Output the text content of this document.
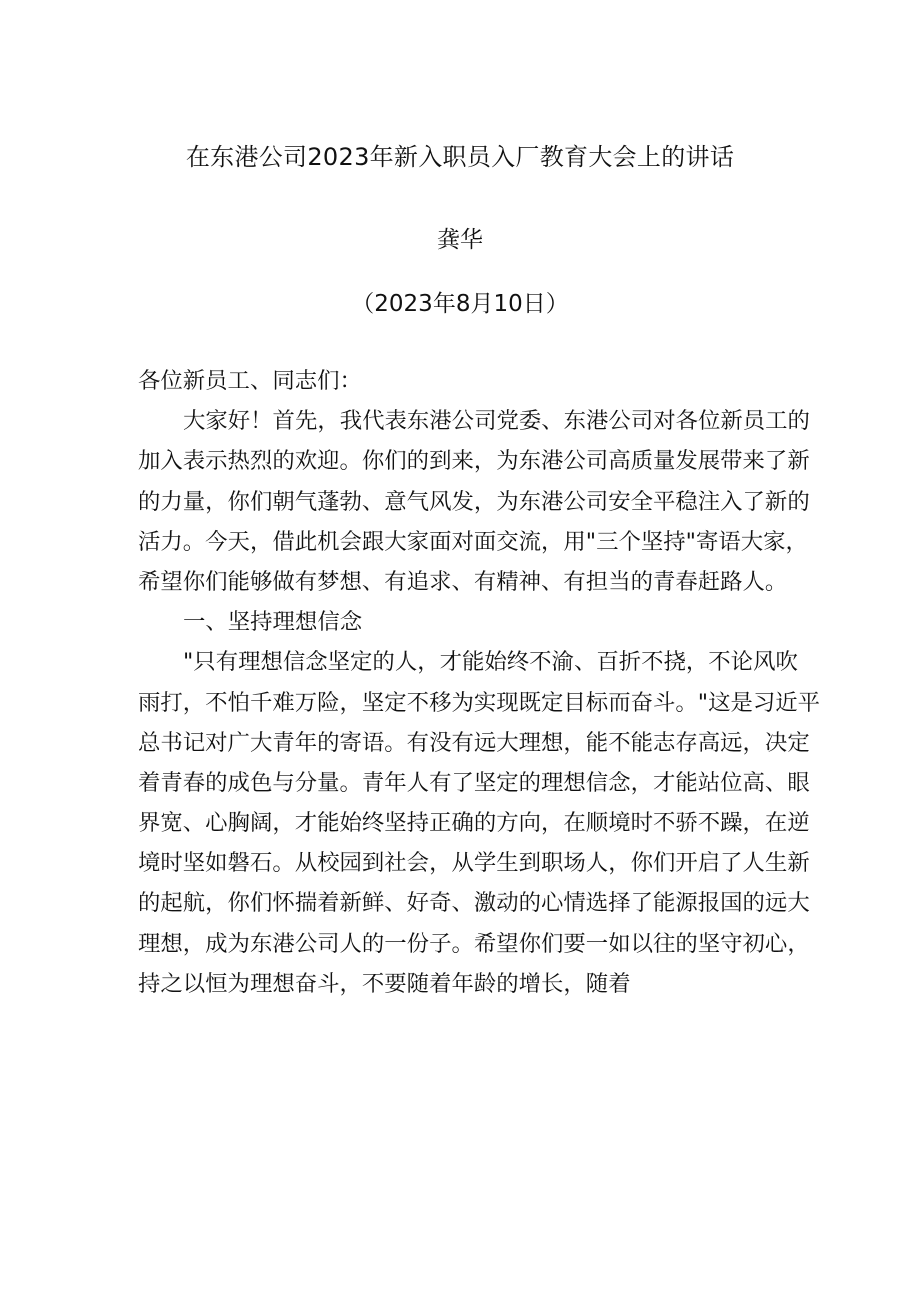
在东港公司2023年新入职员入厂教育大会上的讲话
龚华
（2023年8月10日）
各位新员工、同志们：
大家好！首先，我代表东港公司党委、东港公司对各位新员工的
加入表示热烈的欢迎。你们的到来，为东港公司高质量发展带来了新
的力量，你们朝气蓬勃、意气风发，为东港公司安全平稳注入了新的
活力。今天，借此机会跟大家面对面交流，用"三个坚持"寄语大家，
希望你们能够做有梦想、有追求、有精神、有担当的青春赶路人。
一、坚持理想信念
"只有理想信念坚定的人，才能始终不渝、百折不挠，不论风吹
雨打，不怕千难万险，坚定不移为实现既定目标而奋斗。"这是习近平
总书记对广大青年的寄语。有没有远大理想，能不能志存高远，决定
着青春的成色与分量。青年人有了坚定的理想信念，才能站位高、眼
界宽、心胸阔，才能始终坚持正确的方向，在顺境时不骄不躁，在逆
境时坚如磐石。从校园到社会，从学生到职场人，你们开启了人生新
的起航，你们怀揣着新鲜、好奇、激动的心情选择了能源报国的远大
理想，成为东港公司人的一份子。希望你们要一如以往的坚守初心，
持之以恒为理想奋斗，不要随着年龄的增长，随着
